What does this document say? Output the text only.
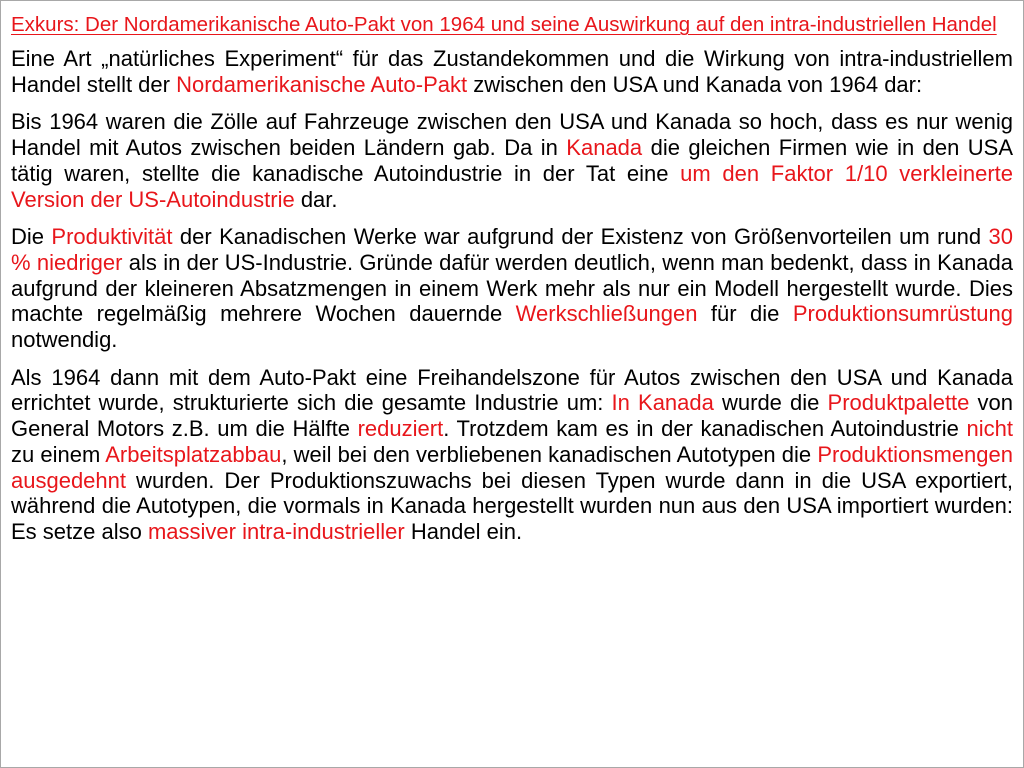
Exkurs: Der Nordamerikanische Auto-Pakt von 1964 und seine Auswirkung auf den intra-industriellen Handel

Eine Art „natürliches Experiment“ für das Zustandekommen und die Wirkung von intra-industriellem Handel stellt der Nordamerikanische Auto-Pakt zwischen den USA und Kanada von 1964 dar:

Bis 1964 waren die Zölle auf Fahrzeuge zwischen den USA und Kanada so hoch, dass es nur wenig Handel mit Autos zwischen beiden Ländern gab. Da in Kanada die gleichen Firmen wie in den USA tätig waren, stellte die kanadische Autoindustrie in der Tat eine um den Faktor 1/10 verkleinerte Version der US-Autoindustrie dar.

Die Produktivität der Kanadischen Werke war aufgrund der Existenz von Größenvorteilen um rund 30 % niedriger als in der US-Industrie. Gründe dafür werden deutlich, wenn man bedenkt, dass in Kanada aufgrund der kleineren Absatzmengen in einem Werk mehr als nur ein Modell hergestellt wurde. Dies machte regelmäßig mehrere Wochen dauernde Werkschließungen für die Produktionsumrüstung notwendig.

Als 1964 dann mit dem Auto-Pakt eine Freihandelszone für Autos zwischen den USA und Kanada errichtet wurde, strukturierte sich die gesamte Industrie um: In Kanada wurde die Produktpalette von General Motors z.B. um die Hälfte reduziert. Trotzdem kam es in der kanadischen Autoindustrie nicht zu einem Arbeitsplatzabbau, weil bei den verbliebenen kanadischen Autotypen die Produktionsmengen ausgedehnt wurden. Der Produktionszuwachs bei diesen Typen wurde dann in die USA exportiert, während die Autotypen, die vormals in Kanada hergestellt wurden nun aus den USA importiert wurden: Es setze also massiver intra-industrieller Handel ein.
